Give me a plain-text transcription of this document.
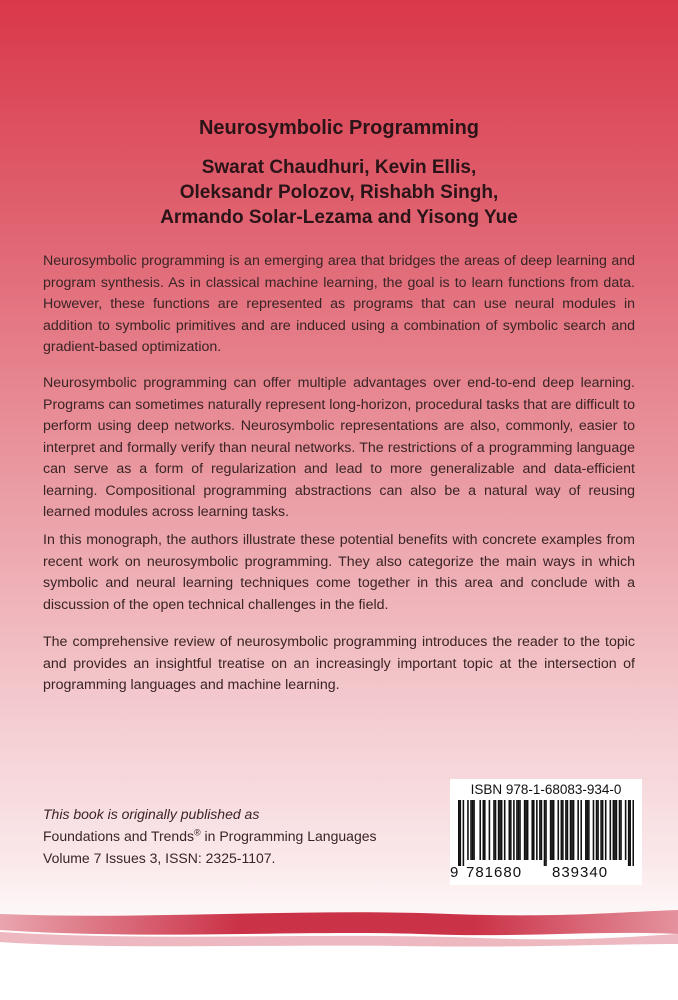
Neurosymbolic Programming
Swarat Chaudhuri, Kevin Ellis,
Oleksandr Polozov, Rishabh Singh,
Armando Solar-Lezama and Yisong Yue

Neurosymbolic programming is an emerging area that bridges the areas of deep learning and program synthesis. As in classical machine learning, the goal is to learn functions from data. However, these functions are represented as programs that can use neural modules in addition to symbolic primitives and are induced using a combination of symbolic search and gradient-based optimization.

Neurosymbolic programming can offer multiple advantages over end-to-end deep learning. Programs can sometimes naturally represent long-horizon, procedural tasks that are difficult to perform using deep networks. Neurosymbolic representations are also, commonly, easier to interpret and formally verify than neural networks. The restrictions of a programming language can serve as a form of regularization and lead to more generalizable and data-efficient learning. Compositional programming abstractions can also be a natural way of reusing learned modules across learning tasks.

In this monograph, the authors illustrate these potential benefits with concrete examples from recent work on neurosymbolic programming. They also categorize the main ways in which symbolic and neural learning techniques come together in this area and conclude with a discussion of the open technical challenges in the field.

The comprehensive review of neurosymbolic programming introduces the reader to the topic and provides an insightful treatise on an increasingly important topic at the intersection of programming languages and machine learning.

This book is originally published as
Foundations and Trends® in Programming Languages
Volume 7 Issues 3, ISSN: 2325-1107.
ISBN 978-1-68083-934-0
9 781680 839340
